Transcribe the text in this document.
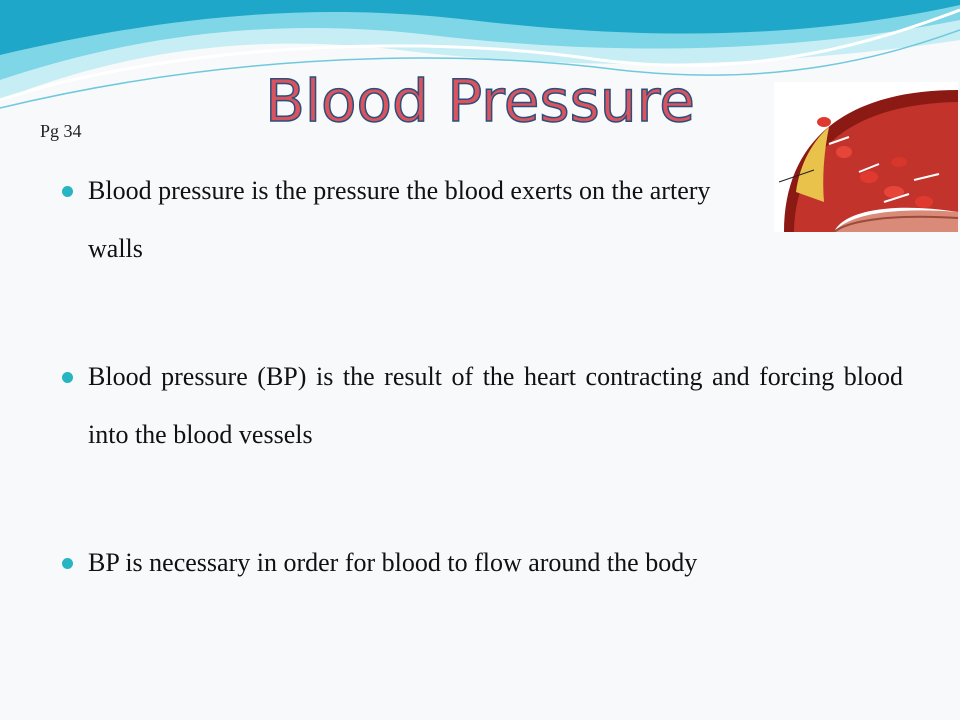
Pg 34	Blood Pressure
Blood pressure is the pressure the blood exerts on the artery walls
Blood pressure (BP) is the result of the heart contracting and forcing blood into the blood vessels
BP is necessary in order for blood to flow around the body
